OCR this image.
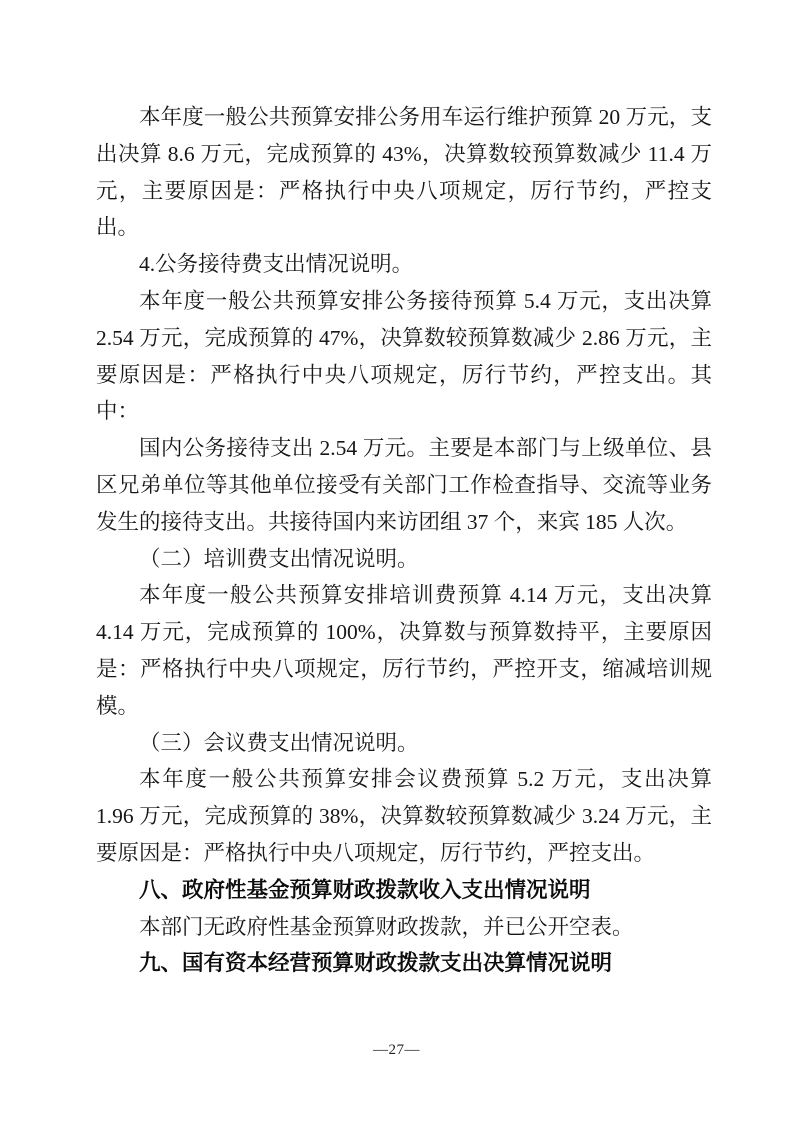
本年度一般公共预算安排公务用车运行维护预算 20 万元，支出决算 8.6 万元，完成预算的 43%，决算数较预算数减少 11.4 万元，主要原因是：严格执行中央八项规定，厉行节约，严控支出。

4.公务接待费支出情况说明。

本年度一般公共预算安排公务接待预算 5.4 万元，支出决算 2.54 万元，完成预算的 47%，决算数较预算数减少 2.86 万元，主要原因是：严格执行中央八项规定，厉行节约，严控支出。其中：

国内公务接待支出 2.54 万元。主要是本部门与上级单位、县区兄弟单位等其他单位接受有关部门工作检查指导、交流等业务发生的接待支出。共接待国内来访团组 37 个，来宾 185 人次。

（二）培训费支出情况说明。

本年度一般公共预算安排培训费预算 4.14 万元，支出决算 4.14 万元，完成预算的 100%，决算数与预算数持平，主要原因是：严格执行中央八项规定，厉行节约，严控开支，缩减培训规模。

（三）会议费支出情况说明。

本年度一般公共预算安排会议费预算 5.2 万元，支出决算 1.96 万元，完成预算的 38%，决算数较预算数减少 3.24 万元，主要原因是：严格执行中央八项规定，厉行节约，严控支出。

八、政府性基金预算财政拨款收入支出情况说明

本部门无政府性基金预算财政拨款，并已公开空表。

九、国有资本经营预算财政拨款支出决算情况说明

—27—
